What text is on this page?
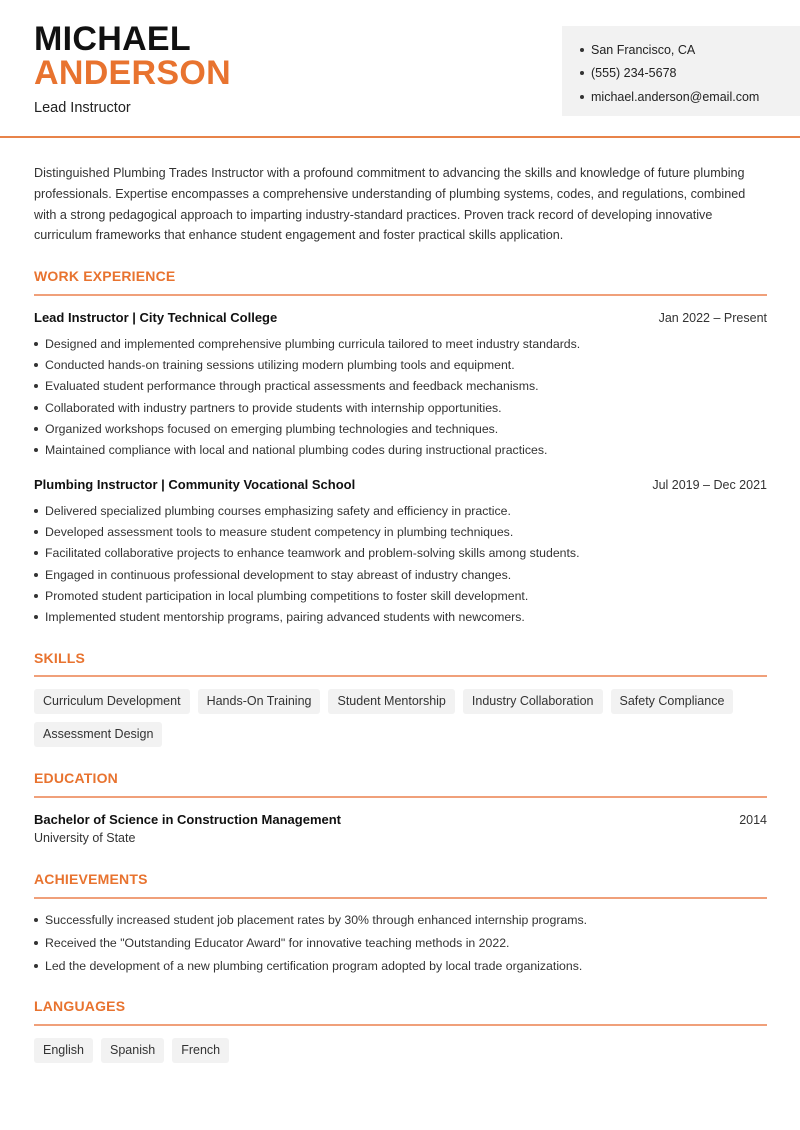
MICHAEL
ANDERSON
Lead Instructor
San Francisco, CA
(555) 234-5678
michael.anderson@email.com
Distinguished Plumbing Trades Instructor with a profound commitment to advancing the skills and knowledge of future plumbing professionals. Expertise encompasses a comprehensive understanding of plumbing systems, codes, and regulations, combined with a strong pedagogical approach to imparting industry-standard practices. Proven track record of developing innovative curriculum frameworks that enhance student engagement and foster practical skills application.
WORK EXPERIENCE
Lead Instructor | City Technical College	Jan 2022 – Present
Designed and implemented comprehensive plumbing curricula tailored to meet industry standards.
Conducted hands-on training sessions utilizing modern plumbing tools and equipment.
Evaluated student performance through practical assessments and feedback mechanisms.
Collaborated with industry partners to provide students with internship opportunities.
Organized workshops focused on emerging plumbing technologies and techniques.
Maintained compliance with local and national plumbing codes during instructional practices.
Plumbing Instructor | Community Vocational School	Jul 2019 – Dec 2021
Delivered specialized plumbing courses emphasizing safety and efficiency in practice.
Developed assessment tools to measure student competency in plumbing techniques.
Facilitated collaborative projects to enhance teamwork and problem-solving skills among students.
Engaged in continuous professional development to stay abreast of industry changes.
Promoted student participation in local plumbing competitions to foster skill development.
Implemented student mentorship programs, pairing advanced students with newcomers.
SKILLS
Curriculum Development	Hands-On Training	Student Mentorship	Industry Collaboration	Safety Compliance
Assessment Design
EDUCATION
Bachelor of Science in Construction Management	2014
University of State
ACHIEVEMENTS
Successfully increased student job placement rates by 30% through enhanced internship programs.
Received the "Outstanding Educator Award" for innovative teaching methods in 2022.
Led the development of a new plumbing certification program adopted by local trade organizations.
LANGUAGES
English	Spanish	French
